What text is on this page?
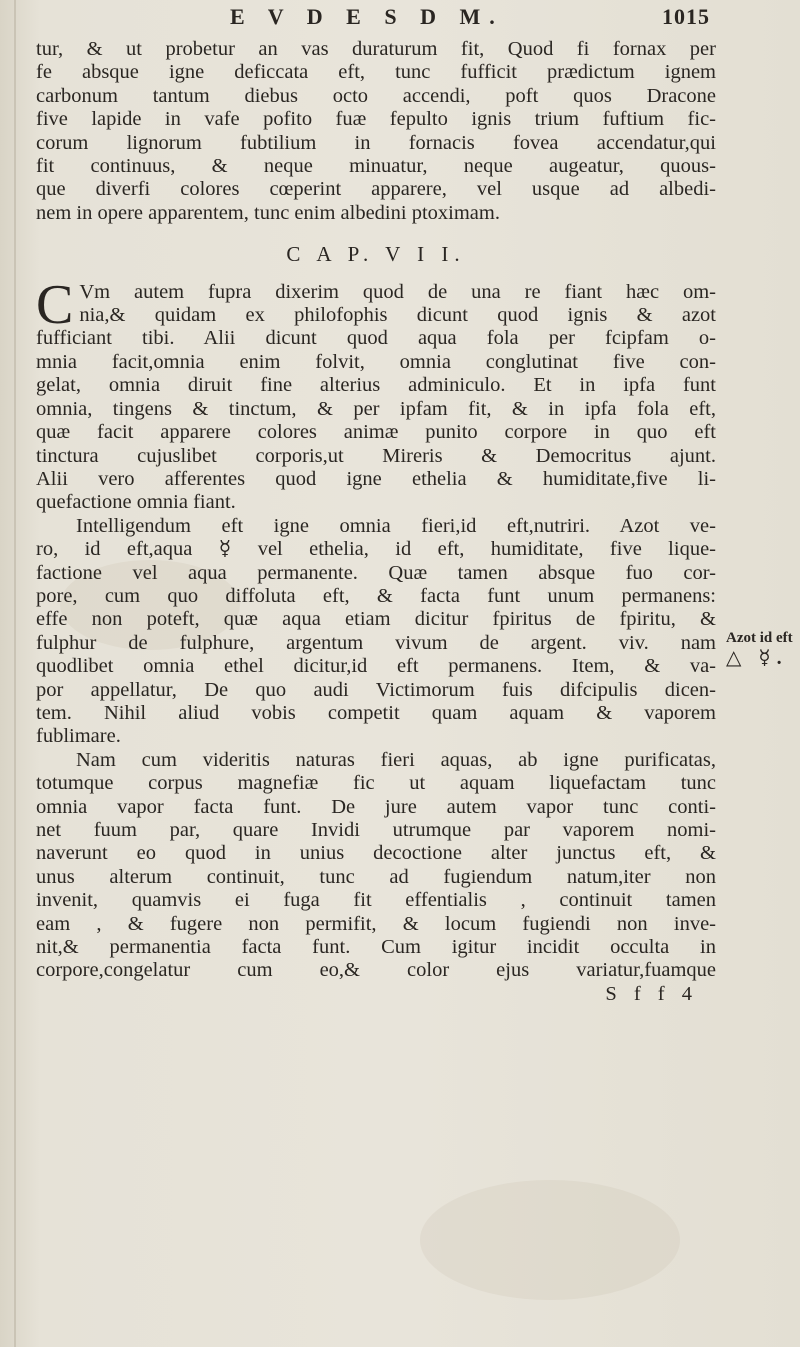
E V D E S D M.	1015

tur, & ut probetur an vas duraturum fit, Quod fi fornax per
fe absque igne deficcata eft, tunc fufficit prædictum ignem
carbonum tantum diebus octo accendi, poft quos Dracone
five lapide in vafe pofito fuæ fepulto ignis trium fuftium fic-
corum lignorum fubtilium in fornacis fovea accendatur,qui
fit continuus, & neque minuatur, neque augeatur, quous-
que diverfi colores cœperint apparere, vel usque ad albedi-
nem in opere apparentem, tunc enim albedini ptoximam.

C A P. V I I.

C Vm autem fupra dixerim quod de una re fiant hæc om-
nia,& quidam ex philofophis dicunt quod ignis & azot
fufficiant tibi. Alii dicunt quod aqua fola per fcipfam o-
mnia facit,omnia enim folvit, omnia conglutinat five con-
gelat, omnia diruit fine alterius adminiculo. Et in ipfa funt
omnia, tingens & tinctum, & per ipfam fit, & in ipfa fola eft,
quæ facit apparere colores animæ punito corpore in quo eft
tinctura cujuslibet corporis,ut Mireris & Democritus ajunt.
Alii vero afferentes quod igne ethelia & humiditate,five li-
quefactione omnia fiant.

Intelligendum eft igne omnia fieri,id eft,nutriri. Azot ve-
ro, id eft,aqua ☿ vel ethelia, id eft, humiditate, five lique-
factione vel aqua permanente. Quæ tamen absque fuo cor-
pore, cum quo diffoluta eft, & facta funt unum permanens:
effe non poteft, quæ aqua etiam dicitur fpiritus de fpiritu, &
fulphur de fulphure, argentum vivum de argent. viv. nam
quodlibet omnia ethel dicitur,id eft permanens. Item, & va-
por appellatur, De quo audi Victimorum fuis difcipulis dicen-
tem. Nihil aliud vobis competit quam aquam & vaporem
fublimare.

Nam cum videritis naturas fieri aquas, ab igne purificatas,
totumque corpus magnefiæ fic ut aquam liquefactam tunc
omnia vapor facta funt. De jure autem vapor tunc conti-
net fuum par, quare Invidi utrumque par vaporem nomi-
naverunt eo quod in unius decoctione alter junctus eft, &
unus alterum continuit, tunc ad fugiendum natum,iter non
invenit, quamvis ei fuga fit effentialis , continuit tamen
eam , & fugere non permifit, & locum fugiendi non inve-
nit,& permanentia facta funt. Cum igitur incidit occulta in
corpore,congelatur cum eo,& color ejus variatur,fuamque

S f f 4
Azot id eft
△ ☿.
